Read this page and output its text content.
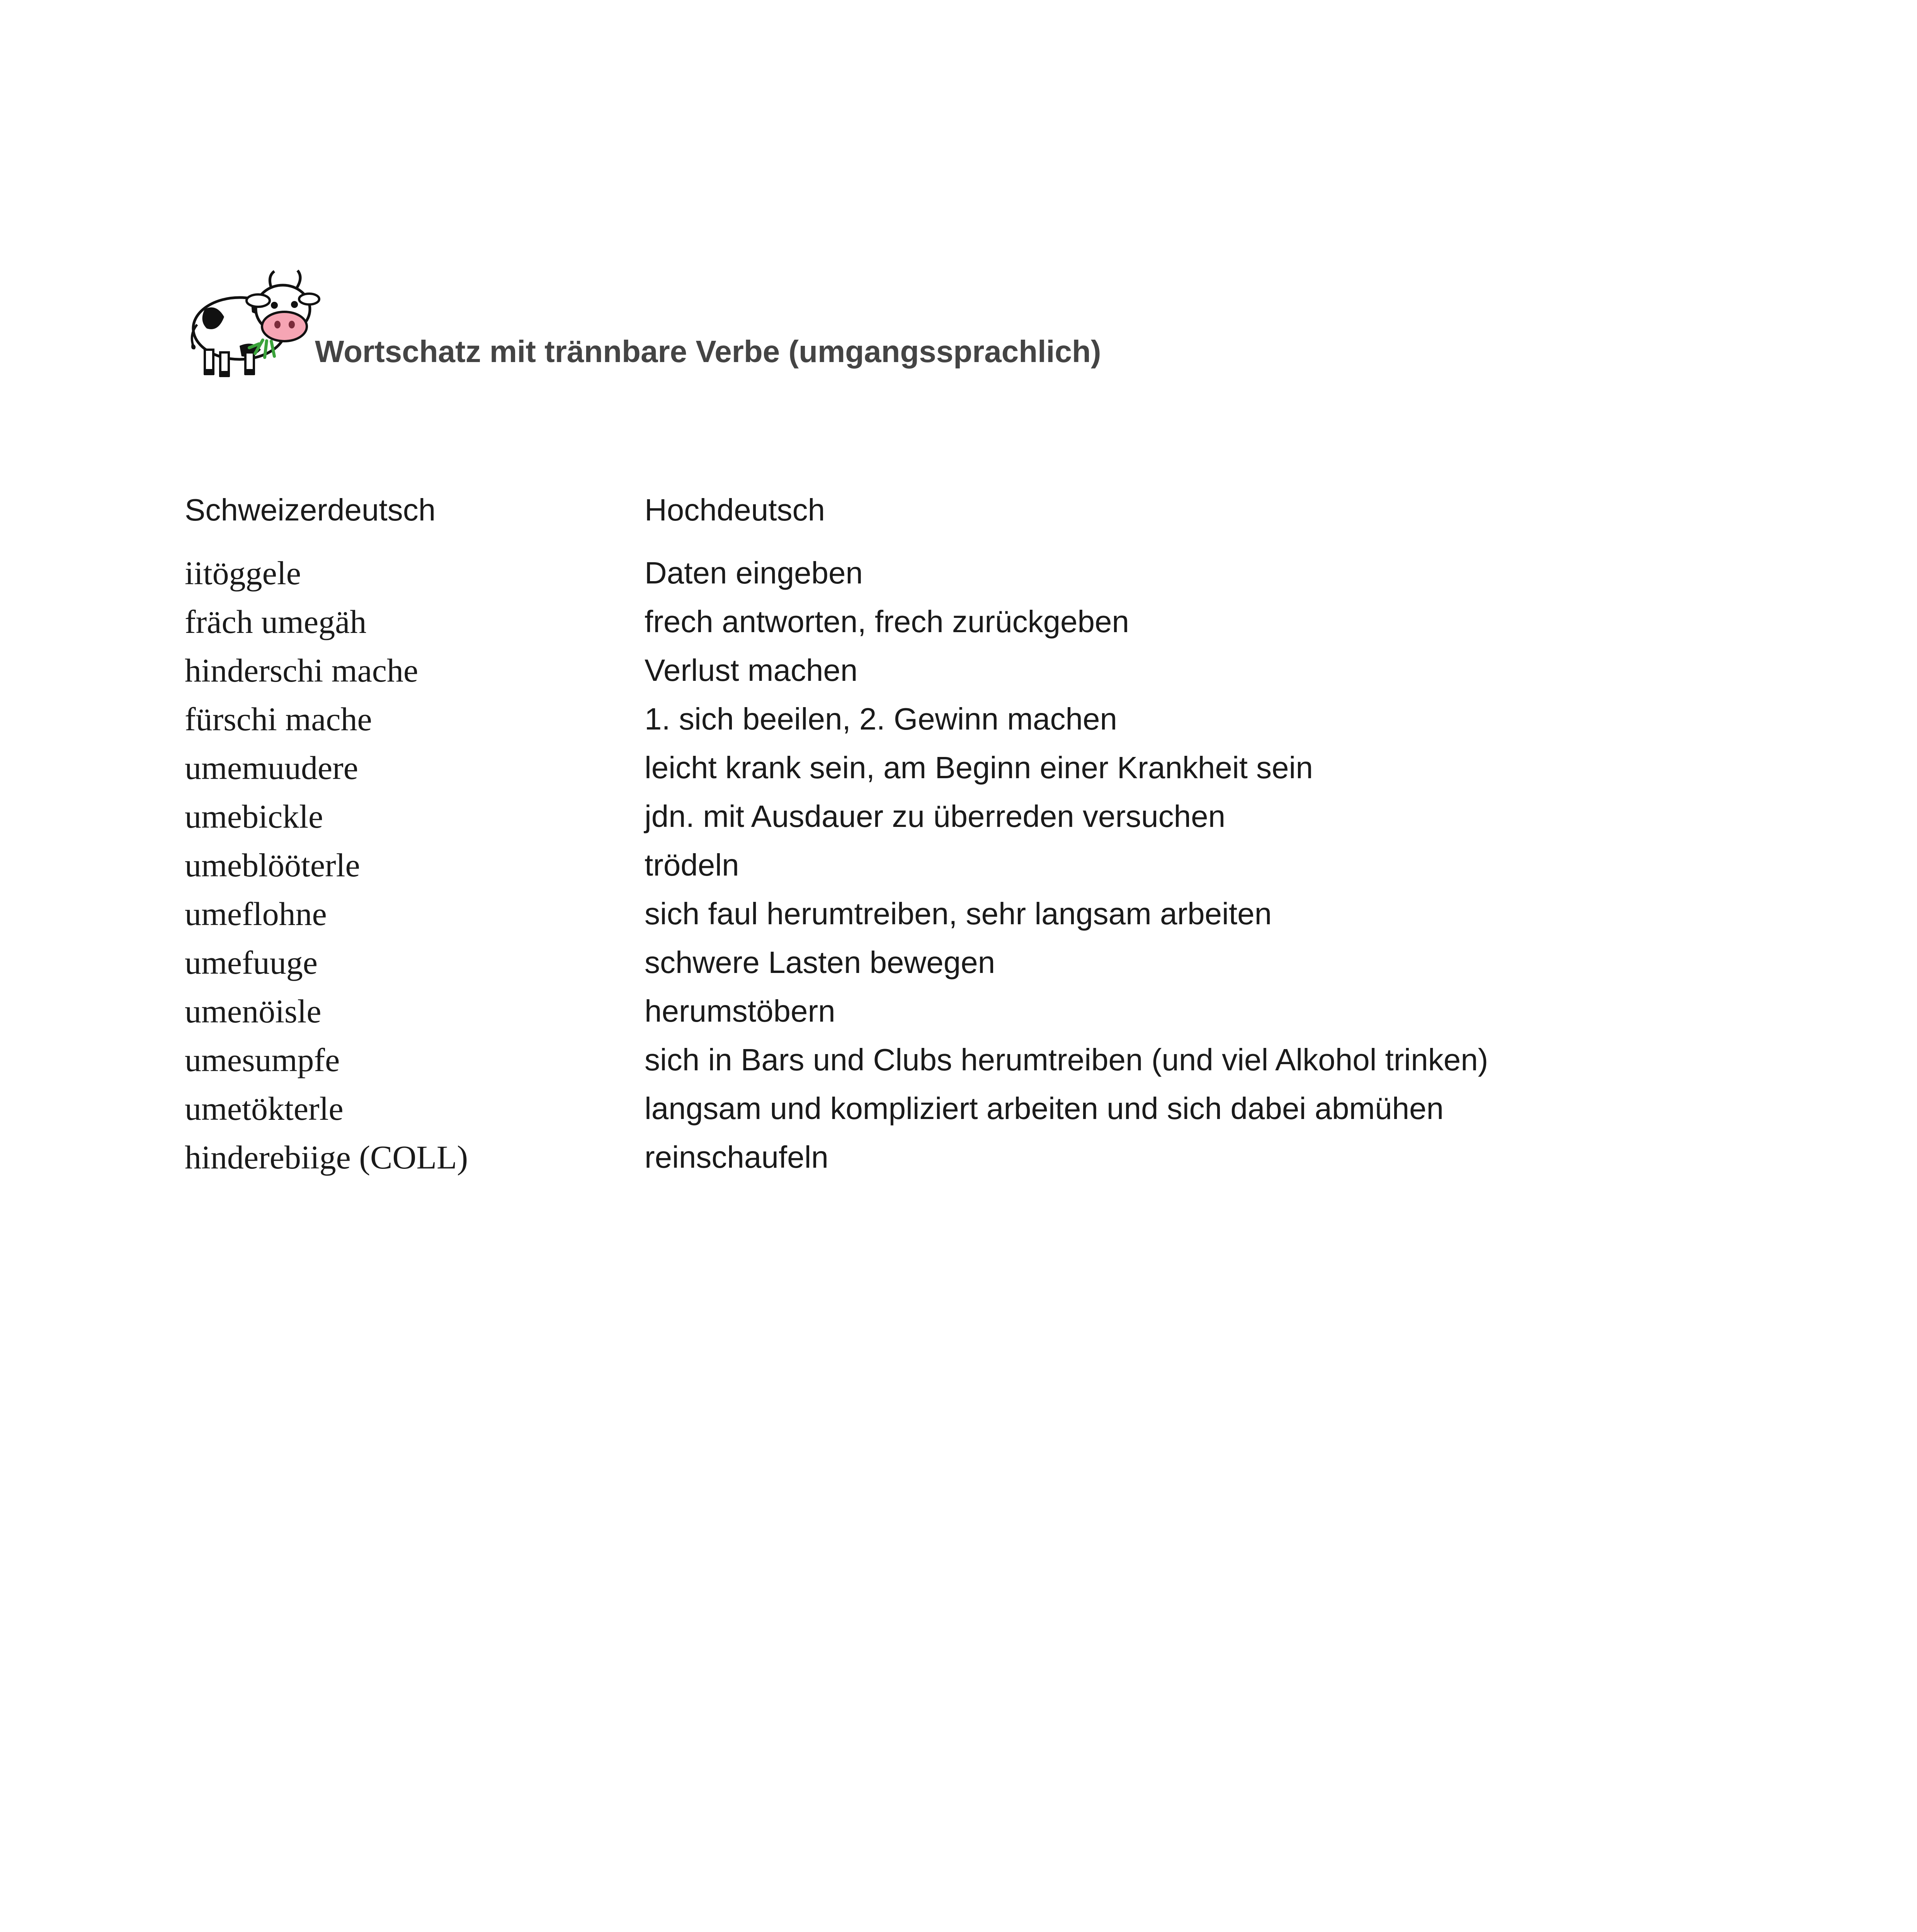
Wortschatz mit trännbare Verbe (umgangssprachlich)
Schweizerdeutsch	Hochdeutsch
iitöggele	Daten eingeben
fräch umegäh	frech antworten, frech zurückgeben
hinderschi mache	Verlust machen
fürschi mache	1. sich beeilen, 2. Gewinn machen
umemuudere	leicht krank sein, am Beginn einer Krankheit sein
umebickle	jdn. mit Ausdauer zu überreden versuchen
umeblööterle	trödeln
umeflohne	sich faul herumtreiben, sehr langsam arbeiten
umefuuge	schwere Lasten bewegen
umenöisle	herumstöbern
umesumpfe	sich in Bars und Clubs herumtreiben (und viel Alkohol trinken)
umetökterle	langsam und kompliziert arbeiten und sich dabei abmühen
hinderebiige (COLL)	reinschaufeln
